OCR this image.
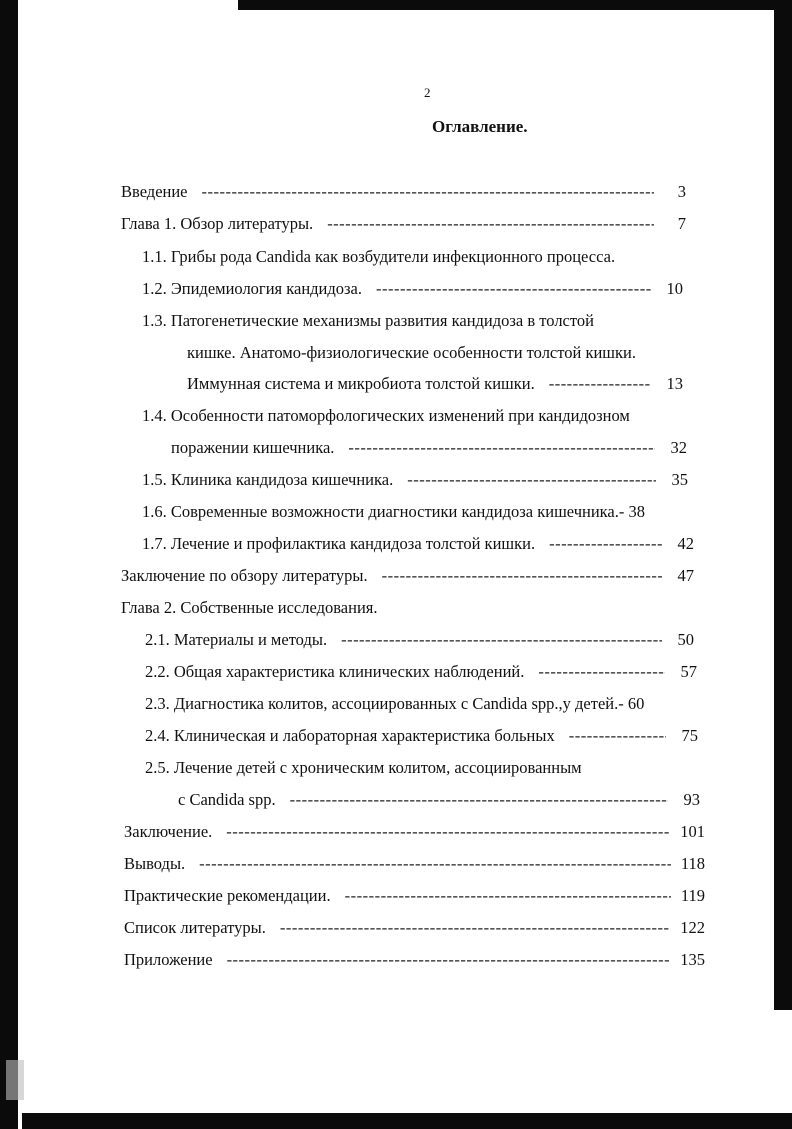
2
Оглавление.
Введение -----	3
Глава 1. Обзор литературы. -----	7
1.1. Грибы рода Candida как возбудители инфекционного процесса.
1.2. Эпидемиология кандидоза. -----	10
1.3. Патогенетические механизмы развития кандидоза в толстой
кишке. Анатомо-физиологические особенности толстой кишки.
Иммунная система и микробиота толстой кишки. -----	13
1.4. Особенности патоморфологических изменений при кандидозном
поражении кишечника. -----	32
1.5. Клиника кандидоза кишечника. -----	35
1.6. Современные возможности диагностики кандидоза кишечника.- 38
1.7. Лечение и профилактика кандидоза толстой кишки. -----	42
Заключение по обзору литературы. -----	47
Глава 2. Собственные исследования.
2.1. Материалы и методы. -----	50
2.2. Общая характеристика клинических наблюдений. -----	57
2.3. Диагностика колитов, ассоциированных с Candida spp.,у детей.- 60
2.4. Клиническая и лабораторная характеристика больных -----	75
2.5. Лечение детей с хроническим колитом, ассоциированным
с Candida spp. -----	93
Заключение. -----	101
Выводы. -----	118
Практические рекомендации. -----	119
Список литературы. -----	122
Приложение -----	135
